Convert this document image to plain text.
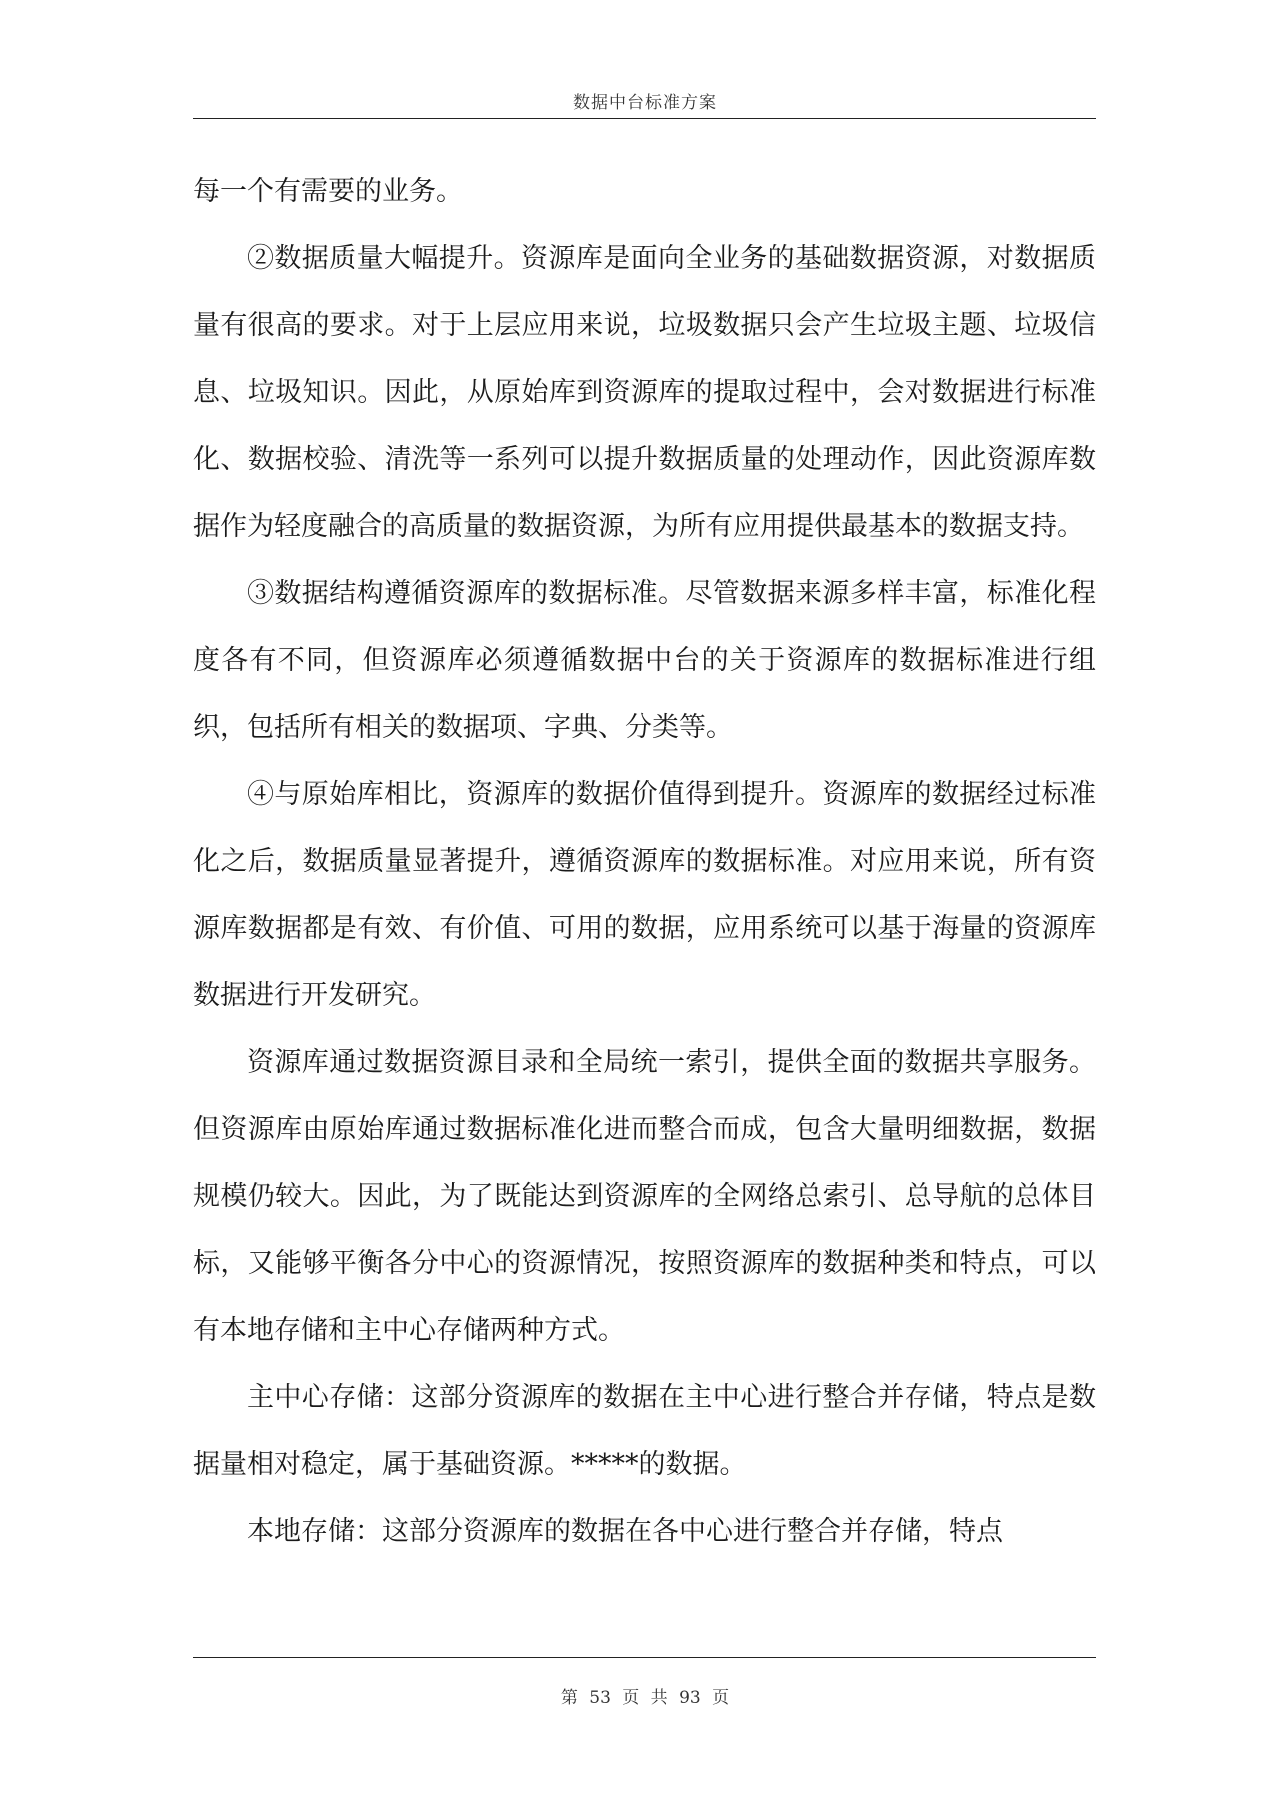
数据中台标准方案

每一个有需要的业务。

②数据质量大幅提升。资源库是面向全业务的基础数据资源，对数据质量有很高的要求。对于上层应用来说，垃圾数据只会产生垃圾主题、垃圾信息、垃圾知识。因此，从原始库到资源库的提取过程中，会对数据进行标准化、数据校验、清洗等一系列可以提升数据质量的处理动作，因此资源库数据作为轻度融合的高质量的数据资源，为所有应用提供最基本的数据支持。

③数据结构遵循资源库的数据标准。尽管数据来源多样丰富，标准化程度各有不同，但资源库必须遵循数据中台的关于资源库的数据标准进行组织，包括所有相关的数据项、字典、分类等。

④与原始库相比，资源库的数据价值得到提升。资源库的数据经过标准化之后，数据质量显著提升，遵循资源库的数据标准。对应用来说，所有资源库数据都是有效、有价值、可用的数据，应用系统可以基于海量的资源库数据进行开发研究。

资源库通过数据资源目录和全局统一索引，提供全面的数据共享服务。但资源库由原始库通过数据标准化进而整合而成，包含大量明细数据，数据规模仍较大。因此，为了既能达到资源库的全网络总索引、总导航的总体目标，又能够平衡各分中心的资源情况，按照资源库的数据种类和特点，可以有本地存储和主中心存储两种方式。

主中心存储：这部分资源库的数据在主中心进行整合并存储，特点是数据量相对稳定，属于基础资源。*****的数据。

本地存储：这部分资源库的数据在各中心进行整合并存储，特点

第 53 页 共 93 页
